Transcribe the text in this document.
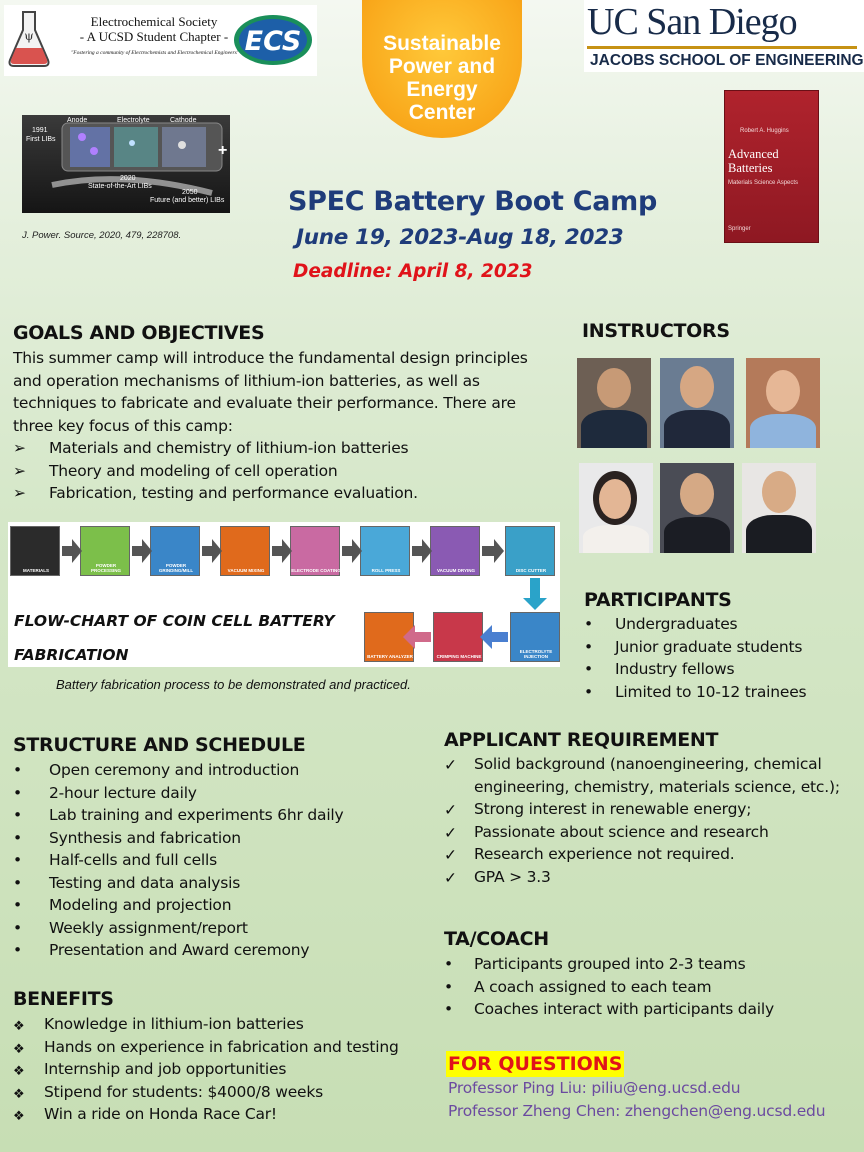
ψ
Electrochemical Society
- A UCSD Student Chapter -
"Fostering a community of Electrochemists and Electrochemical Engineers" ECS	Sustainable
Power and
Energy
Center
UC San Diego
JACOBS SCHOOL OF ENGINEERING
+
1991
First LIBs
Anode	Electrolyte	Cathode
2020
State-of-the-Art LIBs
2050
Future (and better) LIBs
J. Power. Source, 2020, 479, 228708.
Robert A. Huggins
Advanced
Batteries
Materials Science Aspects
Springer
SPEC Battery Boot Camp
June 19, 2023-Aug 18, 2023
Deadline: April 8, 2023
GOALS AND OBJECTIVES
This summer camp will introduce the fundamental design principles and operation mechanisms of lithium-ion batteries, as well as techniques to fabricate and evaluate their performance. There are three key focus of this camp:
➢ Materials and chemistry of lithium-ion batteries
➢ Theory and modeling of cell operation
➢ Fabrication, testing and performance evaluation.
MATERIALS
POWDER PROCESSING
POWDER GRINDING/MILL	VACUUM MIXING	ELECTRODE COATING	ROLL PRESS	VACUUM DRYING	DISC CUTTER
ELECTROLYTE INJECTION
CRIMPING MACHINE
BATTERY ANALYZER
FLOW-CHART OF COIN CELL BATTERY
FABRICATION
Battery fabrication process to be demonstrated and practiced.
INSTRUCTORS
PARTICIPANTS
• Undergraduates
• Junior graduate students
• Industry fellows
• Limited to 10-12 trainees
STRUCTURE AND SCHEDULE
• Open ceremony and introduction
• 2-hour lecture daily
• Lab training and experiments 6hr daily
• Synthesis and fabrication
• Half-cells and full cells
• Testing and data analysis
• Modeling and projection
• Weekly assignment/report
• Presentation and Award ceremony
BENEFITS
❖ Knowledge in lithium-ion batteries
❖ Hands on experience in fabrication and testing
❖ Internship and job opportunities
❖ Stipend for students: $4000/8 weeks
❖ Win a ride on Honda Race Car!
APPLICANT REQUIREMENT
✓ Solid background (nanoengineering, chemical engineering, chemistry, materials science, etc.);
✓ Strong interest in renewable energy;
✓ Passionate about science and research
✓ Research experience not required.
✓ GPA > 3.3
TA/COACH
• Participants grouped into 2-3 teams
• A coach assigned to each team
• Coaches interact with participants daily
FOR QUESTIONS
Professor Ping Liu: piliu@eng.ucsd.edu
Professor Zheng Chen: zhengchen@eng.ucsd.edu
